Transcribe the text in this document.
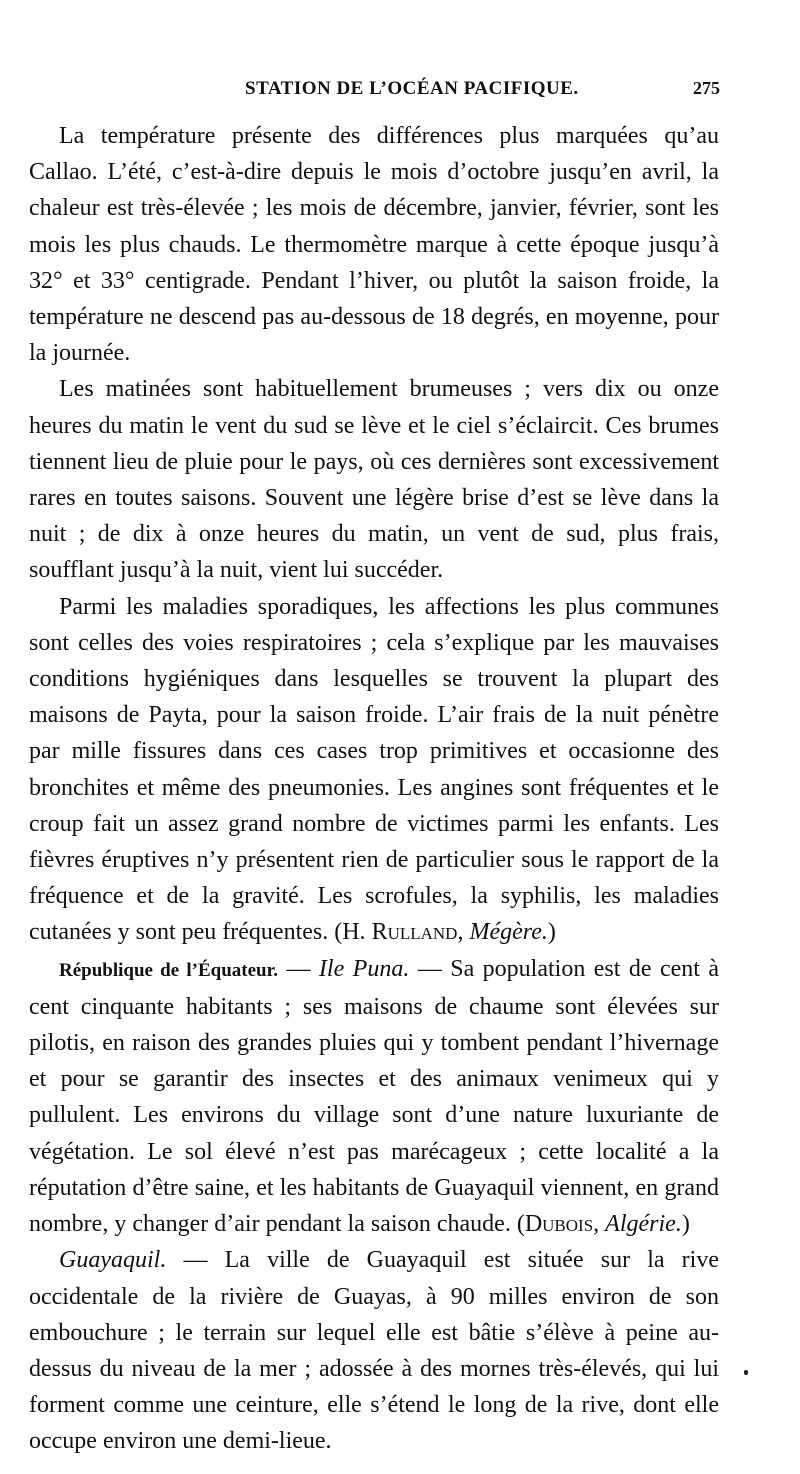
STATION DE L’OCÉAN PACIFIQUE.	275

La température présente des différences plus marquées qu’au Callao. L’été, c’est-à-dire depuis le mois d’octobre jusqu’en avril, la chaleur est très-élevée ; les mois de décembre, janvier, février, sont les mois les plus chauds. Le thermomètre marque à cette époque jusqu’à 32° et 33° centigrade. Pendant l’hiver, ou plutôt la saison froide, la température ne descend pas au-dessous de 18 degrés, en moyenne, pour la journée.

Les matinées sont habituellement brumeuses ; vers dix ou onze heures du matin le vent du sud se lève et le ciel s’éclaircit. Ces brumes tiennent lieu de pluie pour le pays, où ces dernières sont excessivement rares en toutes saisons. Souvent une légère brise d’est se lève dans la nuit ; de dix à onze heures du matin, un vent de sud, plus frais, soufflant jusqu’à la nuit, vient lui succéder.

Parmi les maladies sporadiques, les affections les plus communes sont celles des voies respiratoires ; cela s’explique par les mauvaises conditions hygiéniques dans lesquelles se trouvent la plupart des maisons de Payta, pour la saison froide. L’air frais de la nuit pénètre par mille fissures dans ces cases trop primitives et occasionne des bronchites et même des pneumonies. Les angines sont fréquentes et le croup fait un assez grand nombre de victimes parmi les enfants. Les fièvres éruptives n’y présentent rien de particulier sous le rapport de la fréquence et de la gravité. Les scrofules, la syphilis, les maladies cutanées y sont peu fréquentes. (H. Rulland, Mégère.)

République de l’Équateur. — Ile Puna. — Sa population est de cent à cent cinquante habitants ; ses maisons de chaume sont élevées sur pilotis, en raison des grandes pluies qui y tombent pendant l’hivernage et pour se garantir des insectes et des animaux venimeux qui y pullulent. Les environs du village sont d’une nature luxuriante de végétation. Le sol élevé n’est pas marécageux ; cette localité a la réputation d’être saine, et les habitants de Guayaquil viennent, en grand nombre, y changer d’air pendant la saison chaude. (Dubois, Algérie.)

Guayaquil. — La ville de Guayaquil est située sur la rive occidentale de la rivière de Guayas, à 90 milles environ de son embouchure ; le terrain sur lequel elle est bâtie s’élève à peine au-dessus du niveau de la mer ; adossée à des mornes très-élevés, qui lui forment comme une ceinture, elle s’étend le long de la rive, dont elle occupe environ une demi-lieue.
